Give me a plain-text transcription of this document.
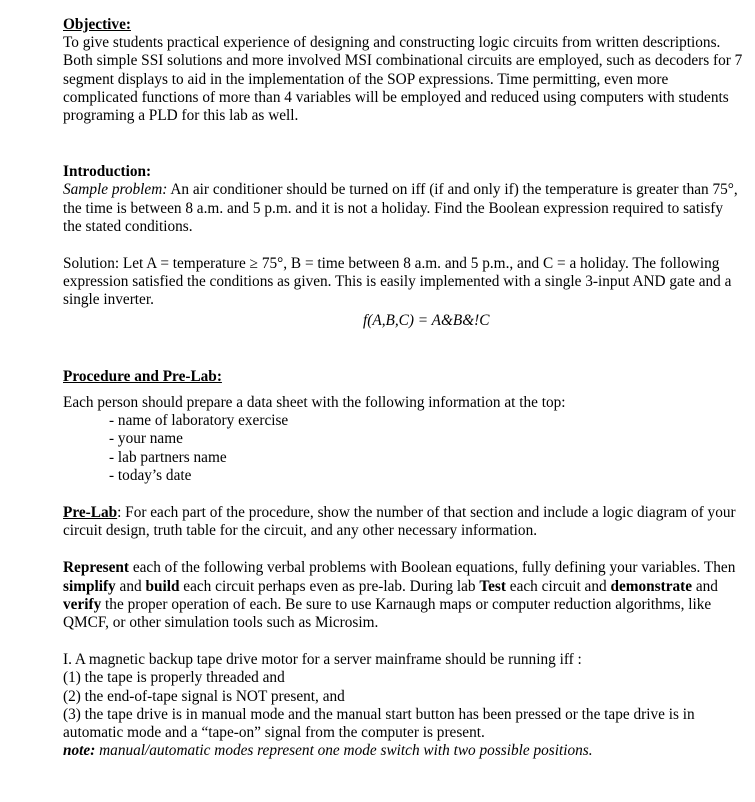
Objective:

To give students practical experience of designing and constructing logic circuits from written descriptions. Both simple SSI solutions and more involved MSI combinational circuits are employed, such as decoders for 7 segment displays to aid in the implementation of the SOP expressions. Time permitting, even more complicated functions of more than 4 variables will be employed and reduced using computers with students programing a PLD for this lab as well.

Introduction:

Sample problem: An air conditioner should be turned on iff (if and only if) the temperature is greater than 75°, the time is between 8 a.m. and 5 p.m. and it is not a holiday. Find the Boolean expression required to satisfy the stated conditions.

Solution: Let A = temperature ≥ 75°, B = time between 8 a.m. and 5 p.m., and C = a holiday. The following expression satisfied the conditions as given. This is easily implemented with a single 3-input AND gate and a single inverter.

f(A,B,C) = A&B&!C

Procedure and Pre-Lab:

Each person should prepare a data sheet with the following information at the top:

- name of laboratory exercise

- your name

- lab partners name

- today’s date

Pre-Lab: For each part of the procedure, show the number of that section and include a logic diagram of your circuit design, truth table for the circuit, and any other necessary information.

Represent each of the following verbal problems with Boolean equations, fully defining your variables. Then simplify and build each circuit perhaps even as pre-lab. During lab Test each circuit and demonstrate and verify the proper operation of each. Be sure to use Karnaugh maps or computer reduction algorithms, like QMCF, or other simulation tools such as Microsim.

I. A magnetic backup tape drive motor for a server mainframe should be running iff :

(1) the tape is properly threaded and

(2) the end-of-tape signal is NOT present, and

(3) the tape drive is in manual mode and the manual start button has been pressed or the tape drive is in automatic mode and a “tape-on” signal from the computer is present.

note: manual/automatic modes represent one mode switch with two possible positions.
